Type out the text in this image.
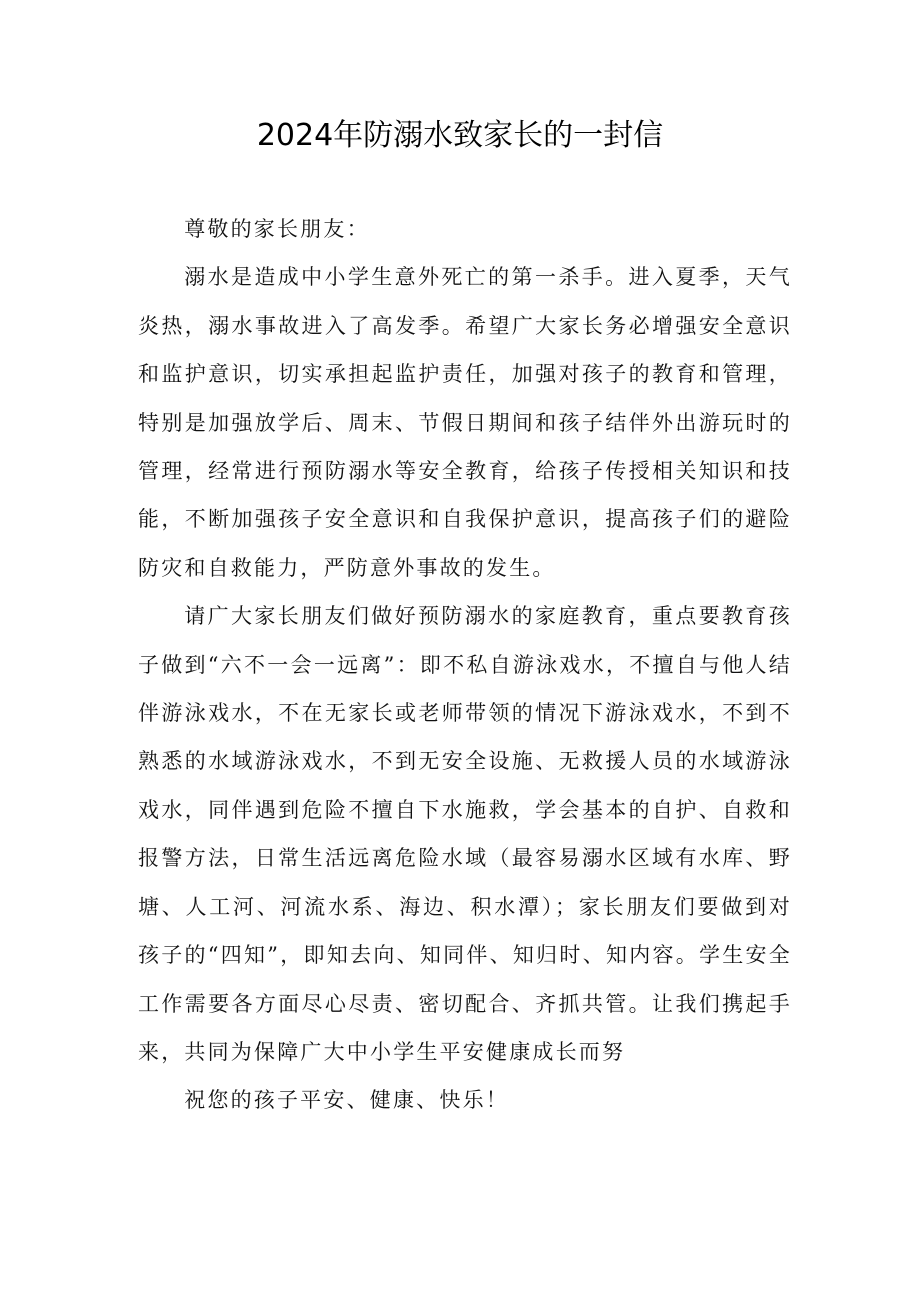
2024年防溺水致家长的一封信

尊敬的家长朋友：

溺水是造成中小学生意外死亡的第一杀手。进入夏季，天气炎热，溺水事故进入了高发季。希望广大家长务必增强安全意识和监护意识，切实承担起监护责任，加强对孩子的教育和管理，特别是加强放学后、周末、节假日期间和孩子结伴外出游玩时的管理，经常进行预防溺水等安全教育，给孩子传授相关知识和技能，不断加强孩子安全意识和自我保护意识，提高孩子们的避险防灾和自救能力，严防意外事故的发生。

请广大家长朋友们做好预防溺水的家庭教育，重点要教育孩子做到“六不一会一远离”：即不私自游泳戏水，不擅自与他人结伴游泳戏水，不在无家长或老师带领的情况下游泳戏水，不到不熟悉的水域游泳戏水，不到无安全设施、无救援人员的水域游泳戏水，同伴遇到危险不擅自下水施救，学会基本的自护、自救和报警方法，日常生活远离危险水域（最容易溺水区域有水库、野塘、人工河、河流水系、海边、积水潭）；家长朋友们要做到对孩子的“四知”，即知去向、知同伴、知归时、知内容。学生安全工作需要各方面尽心尽责、密切配合、齐抓共管。让我们携起手来，共同为保障广大中小学生平安健康成长而努

祝您的孩子平安、健康、快乐！
